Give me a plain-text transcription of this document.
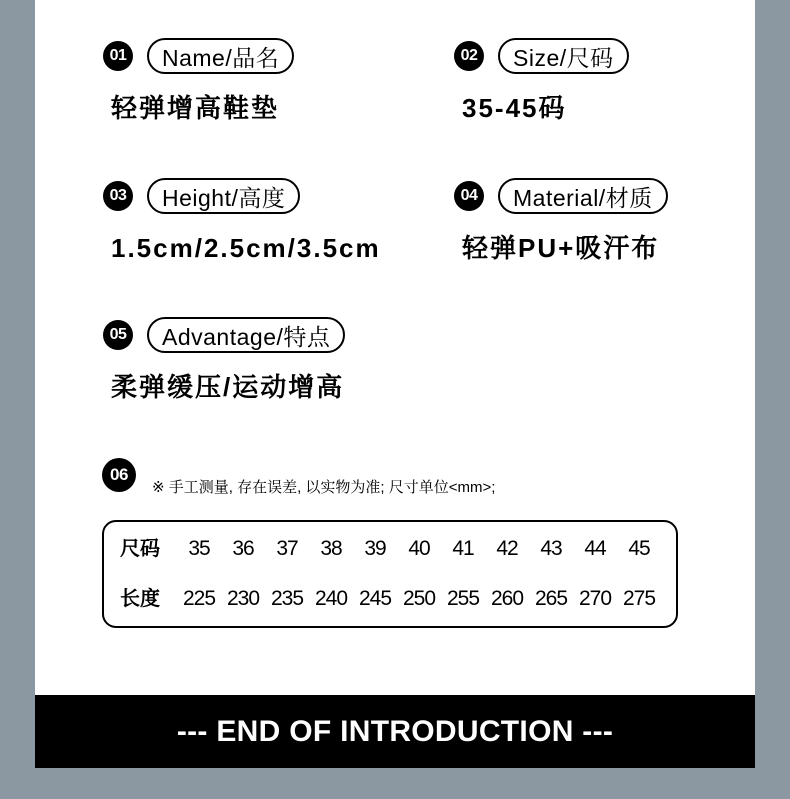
01	Name/品名
轻弹增高鞋垫
02	Size/尺码
35-45码
03	Height/高度
1.5cm/2.5cm/3.5cm
04	Material/材质
轻弹PU+吸汗布
05	Advantage/特点
柔弹缓压/运动增高
06
※ 手工测量, 存在误差, 以实物为准; 尺寸单位<mm>;
尺码	35	36	37	38	39	40	41	42	43	44	45
长度 225 230 235 240 245 250 255 260 265 270 275
--- END OF INTRODUCTION ---
